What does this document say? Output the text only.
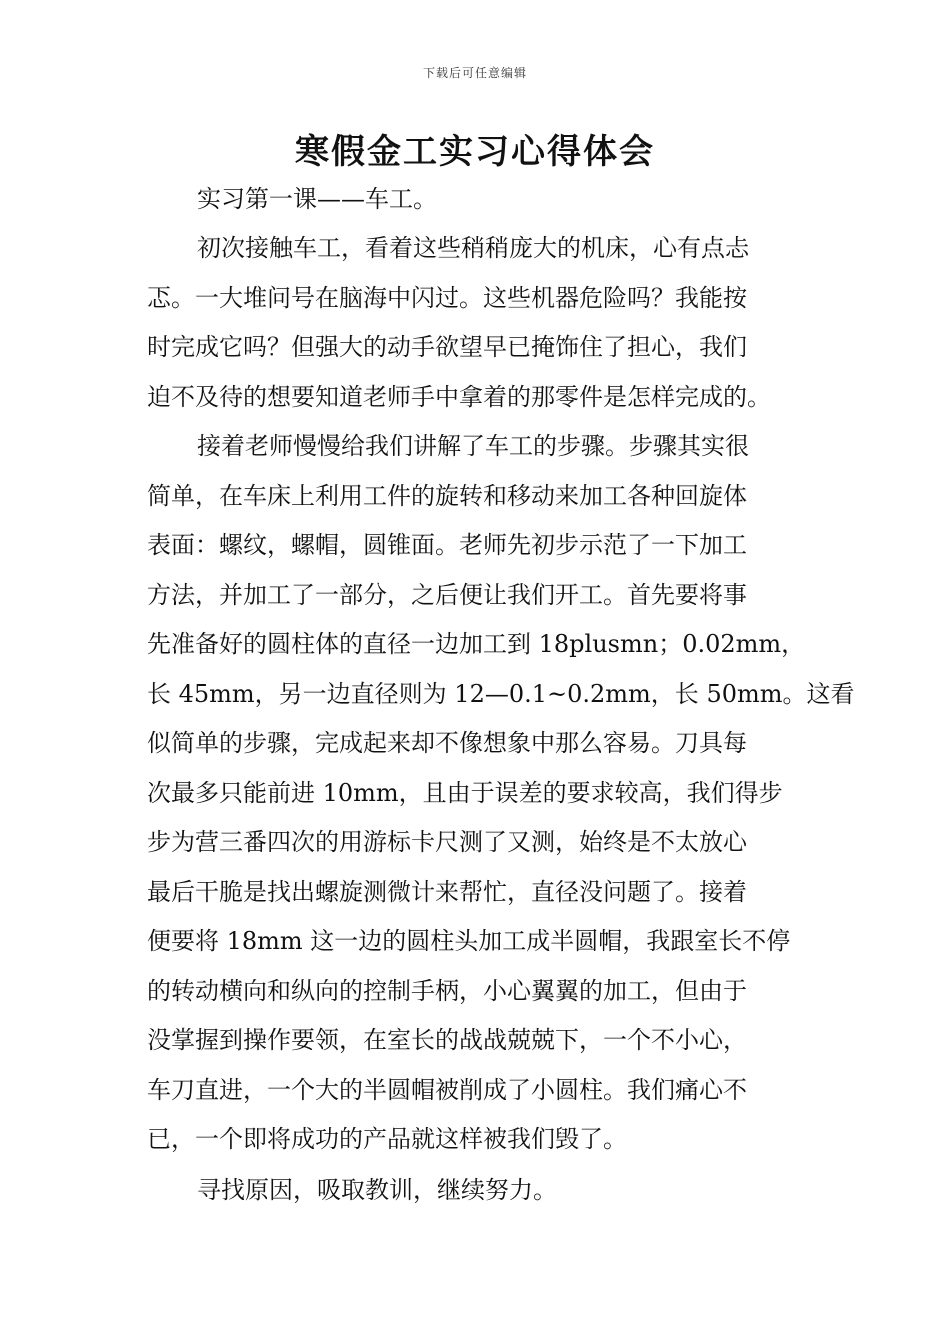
下载后可任意编辑
寒假金工实习心得体会

实习第一课——车工。

初次接触车工，看着这些稍稍庞大的机床，心有点忐
忑。一大堆问号在脑海中闪过。这些机器危险吗？我能按
时完成它吗？但强大的动手欲望早已掩饰住了担心，我们
迫不及待的想要知道老师手中拿着的那零件是怎样完成的。

接着老师慢慢给我们讲解了车工的步骤。步骤其实很
简单，在车床上利用工件的旋转和移动来加工各种回旋体
表面：螺纹，螺帽，圆锥面。老师先初步示范了一下加工
方法，并加工了一部分，之后便让我们开工。首先要将事
先准备好的圆柱体的直径一边加工到 18plusmn；0.02mm，
长 45mm，另一边直径则为 12—0.1~0.2mm，长 50mm。这看
似简单的步骤，完成起来却不像想象中那么容易。刀具每
次最多只能前进 10mm，且由于误差的要求较高，我们得步
步为营三番四次的用游标卡尺测了又测，始终是不太放心
最后干脆是找出螺旋测微计来帮忙，直径没问题了。接着
便要将 18mm 这一边的圆柱头加工成半圆帽，我跟室长不停
的转动横向和纵向的控制手柄，小心翼翼的加工，但由于
没掌握到操作要领，在室长的战战兢兢下，一个不小心，
车刀直进，一个大的半圆帽被削成了小圆柱。我们痛心不
已，一个即将成功的产品就这样被我们毁了。

寻找原因，吸取教训，继续努力。
